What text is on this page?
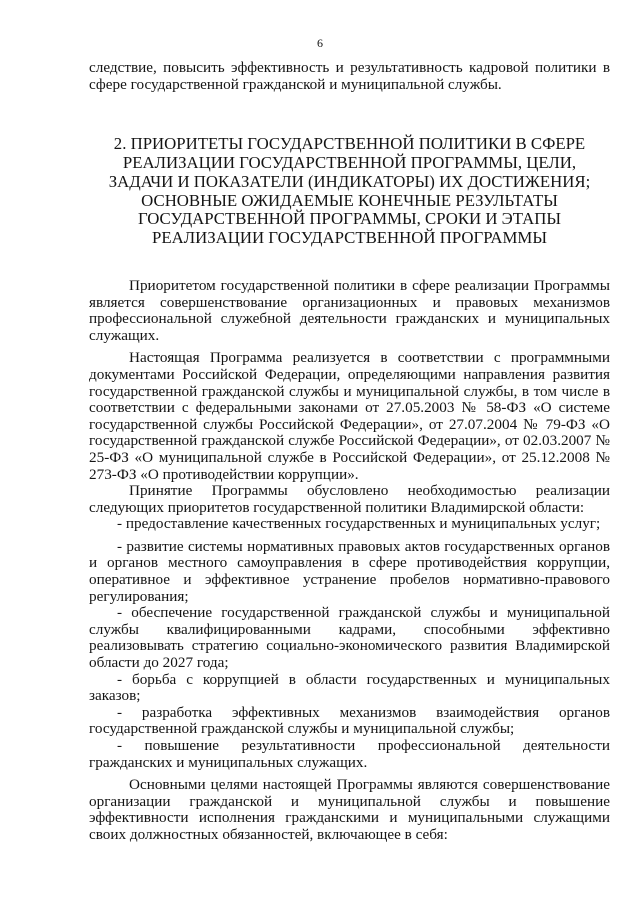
6

следствие, повысить эффективность и результативность кадровой политики в сфере государственной гражданской и муниципальной службы.

2. ПРИОРИТЕТЫ ГОСУДАРСТВЕННОЙ ПОЛИТИКИ В СФЕРЕ РЕАЛИЗАЦИИ ГОСУДАРСТВЕННОЙ ПРОГРАММЫ, ЦЕЛИ, ЗАДАЧИ И ПОКАЗАТЕЛИ (ИНДИКАТОРЫ) ИХ ДОСТИЖЕНИЯ; ОСНОВНЫЕ ОЖИДАЕМЫЕ КОНЕЧНЫЕ РЕЗУЛЬТАТЫ ГОСУДАРСТВЕННОЙ ПРОГРАММЫ, СРОКИ И ЭТАПЫ РЕАЛИЗАЦИИ ГОСУДАРСТВЕННОЙ ПРОГРАММЫ

Приоритетом государственной политики в сфере реализации Программы является совершенствование организационных и правовых механизмов профессиональной служебной деятельности гражданских и муниципальных служащих.

Настоящая Программа реализуется в соответствии с программными документами Российской Федерации, определяющими направления развития государственной гражданской службы и муниципальной службы, в том числе в соответствии с федеральными законами от 27.05.2003 № 58-ФЗ «О системе государственной службы Российской Федерации», от 27.07.2004 № 79-ФЗ «О государственной гражданской службе Российской Федерации», от 02.03.2007 № 25-ФЗ «О муниципальной службе в Российской Федерации», от 25.12.2008 № 273-ФЗ «О противодействии коррупции».

Принятие Программы обусловлено необходимостью реализации следующих приоритетов государственной политики Владимирской области:

- предоставление качественных государственных и муниципальных услуг;

- развитие системы нормативных правовых актов государственных органов и органов местного самоуправления в сфере противодействия коррупции, оперативное и эффективное устранение пробелов нормативно-правового регулирования;

- обеспечение государственной гражданской службы и муниципальной службы квалифицированными кадрами, способными эффективно реализовывать стратегию социально-экономического развития Владимирской области до 2027 года;

- борьба с коррупцией в области государственных и муниципальных заказов;

- разработка эффективных механизмов взаимодействия органов государственной гражданской службы и муниципальной службы;

- повышение результативности профессиональной деятельности гражданских и муниципальных служащих.

Основными целями настоящей Программы являются совершенствование организации гражданской и муниципальной службы и повышение эффективности исполнения гражданскими и муниципальными служащими своих должностных обязанностей, включающее в себя:
